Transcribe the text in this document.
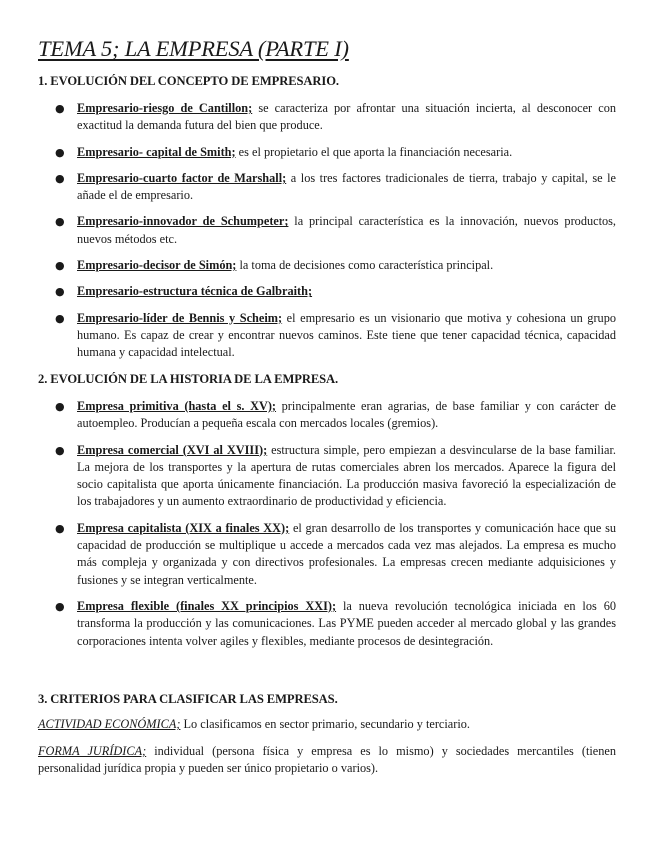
TEMA 5; LA EMPRESA (PARTE I)
1. EVOLUCIÓN DEL CONCEPTO DE EMPRESARIO.
● Empresario-riesgo de Cantillon; se caracteriza por afrontar una situación incierta, al desconocer con exactitud la demanda futura del bien que produce.
● Empresario- capital de Smith; es el propietario el que aporta la financiación necesaria.
● Empresario-cuarto factor de Marshall; a los tres factores tradicionales de tierra, trabajo y capital, se le añade el de empresario.
● Empresario-innovador de Schumpeter; la principal característica es la innovación, nuevos productos, nuevos métodos etc.
● Empresario-decisor de Simón; la toma de decisiones como característica principal.
● Empresario-estructura técnica de Galbraith;
● Empresario-líder de Bennis y Scheim; el empresario es un visionario que motiva y cohesiona un grupo humano. Es capaz de crear y encontrar nuevos caminos. Este tiene que tener capacidad técnica, capacidad humana y capacidad intelectual.
2. EVOLUCIÓN DE LA HISTORIA DE LA EMPRESA.
● Empresa primitiva (hasta el s. XV); principalmente eran agrarias, de base familiar y con carácter de autoempleo. Producían a pequeña escala con mercados locales (gremios).
● Empresa comercial (XVI al XVIII); estructura simple, pero empiezan a desvincularse de la base familiar. La mejora de los transportes y la apertura de rutas comerciales abren los mercados. Aparece la figura del socio capitalista que aporta únicamente financiación. La producción masiva favoreció la especialización de los trabajadores y un aumento extraordinario de productividad y eficiencia.
● Empresa capitalista (XIX a finales XX); el gran desarrollo de los transportes y comunicación hace que su capacidad de producción se multiplique u accede a mercados cada vez mas alejados. La empresa es mucho más compleja y organizada y con directivos profesionales. La empresas crecen mediante adquisiciones y fusiones y se integran verticalmente.
● Empresa flexible (finales XX principios XXI); la nueva revolución tecnológica iniciada en los 60 transforma la producción y las comunicaciones. Las PYME pueden acceder al mercado global y las grandes corporaciones intenta volver agiles y flexibles, mediante procesos de desintegración.
3. CRITERIOS PARA CLASIFICAR LAS EMPRESAS.

ACTIVIDAD ECONÓMICA; Lo clasificamos en sector primario, secundario y terciario.

FORMA JURÍDICA; individual (persona física y empresa es lo mismo) y sociedades mercantiles (tienen personalidad jurídica propia y pueden ser único propietario o varios).
